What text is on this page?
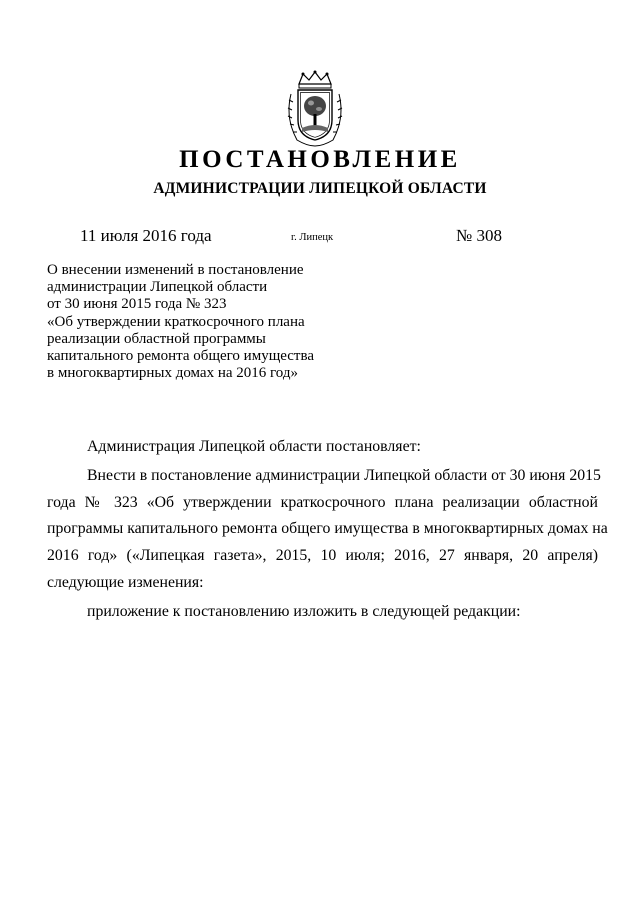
ПОСТАНОВЛЕНИЕ
АДМИНИСТРАЦИИ ЛИПЕЦКОЙ ОБЛАСТИ
11 июля 2016 года	г. Липецк	№ 308
О внесении изменений в постановление
администрации Липецкой области
от 30 июня 2015 года № 323
«Об утверждении краткосрочного плана
реализации областной программы
капитального ремонта общего имущества
в многоквартирных домах на 2016 год»

Администрация Липецкой области постановляет:

Внести в постановление администрации Липецкой области от 30 июня 2015
года № 323 «Об утверждении краткосрочного плана реализации областной
программы капитального ремонта общего имущества в многоквартирных домах на
2016 год» («Липецкая газета», 2015, 10 июля; 2016, 27 января, 20 апреля)
следующие изменения:

приложение к постановлению изложить в следующей редакции:
